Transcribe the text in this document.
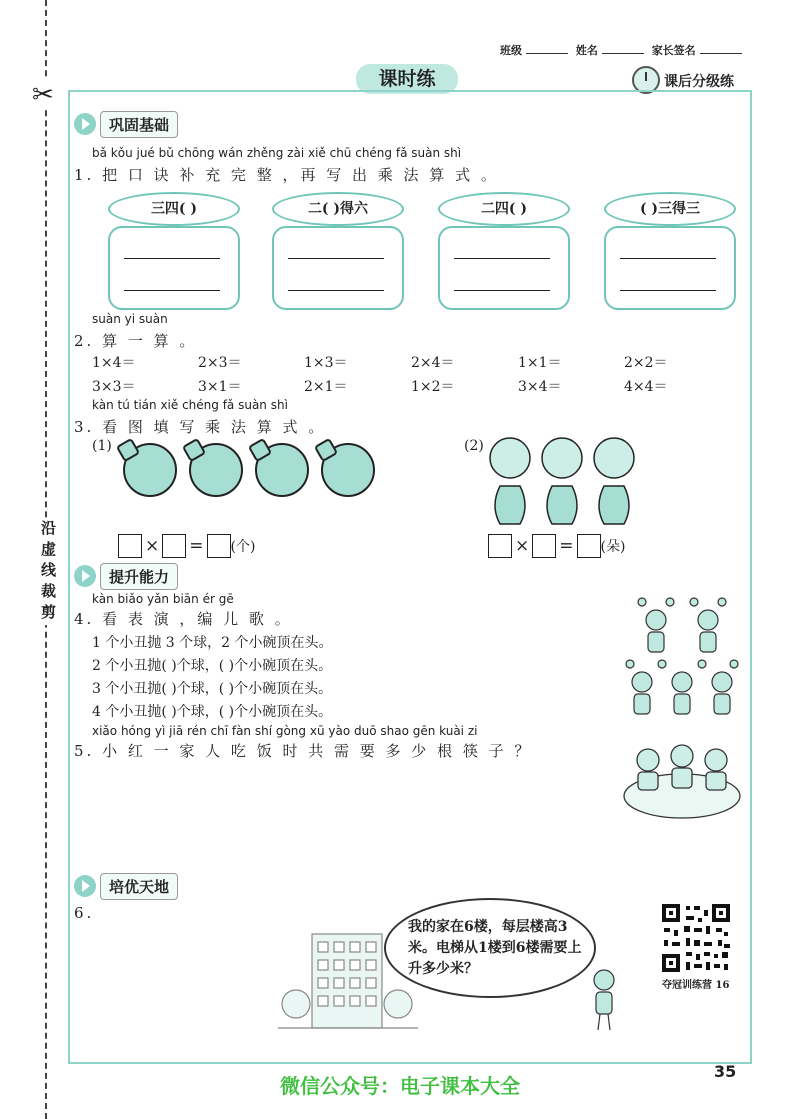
✂
沿虚线裁剪
班级	姓名	家长签名
课时练	课后分级练
巩固基础
bǎ kǒu jué bǔ chōng wán zhěng zài xiě chū chéng fǎ suàn shì
1. 把 口 诀 补 充 完 整 ，再 写 出 乘 法 算 式 。
三四( )	二( )得六	二四( )	( )三得三
suàn yi suàn
2. 算 一 算 。
1×4＝	2×3＝	1×3＝	2×4＝	1×1＝	2×2＝
3×3＝	3×1＝	2×1＝	1×2＝	3×4＝	4×4＝
kàn tú tián xiě chéng fǎ suàn shì
3. 看 图 填 写 乘 法 算 式 。
(1)	(2)
× = (个)	× = (朵)
提升能力
kàn biǎo yǎn biān ér gē
4. 看 表 演 ，编 儿 歌 。
1 个小丑抛 3 个球，2 个小碗顶在头。
2 个小丑抛( )个球，( )个小碗顶在头。
3 个小丑抛( )个球，( )个小碗顶在头。
4 个小丑抛( )个球，( )个小碗顶在头。
xiǎo hóng yì jiā rén chī fàn shí gòng xū yào duō shao gēn kuài zi
5. 小 红 一 家 人 吃 饭 时 共 需 要 多 少 根 筷 子 ？
培优天地
6.
我的家在6楼，每层楼高3米。电梯从1楼到6楼需要上升多少米？
夺冠训练营 16
35
微信公众号：电子课本大全
